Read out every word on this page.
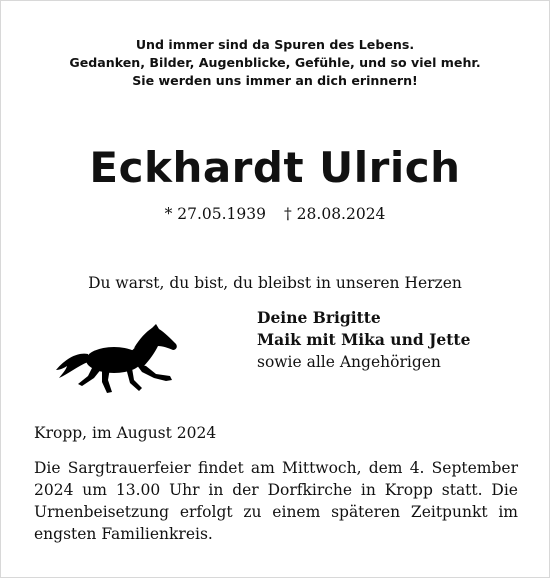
Und immer sind da Spuren des Lebens.
Gedanken, Bilder, Augenblicke, Gefühle, und so viel mehr.
Sie werden uns immer an dich erinnern!
Eckhardt Ulrich
* 27.05.1939 † 28.08.2024
Du warst, du bist, du bleibst in unseren Herzen
Deine Brigitte
Maik mit Mika und Jette
sowie alle Angehörigen
Kropp, im August 2024
Die Sargtrauerfeier findet am Mittwoch, dem 4. September 2024 um 13.00 Uhr in der Dorfkirche in Kropp statt. Die Urnenbeisetzung erfolgt zu einem späteren Zeitpunkt im engsten Familienkreis.
